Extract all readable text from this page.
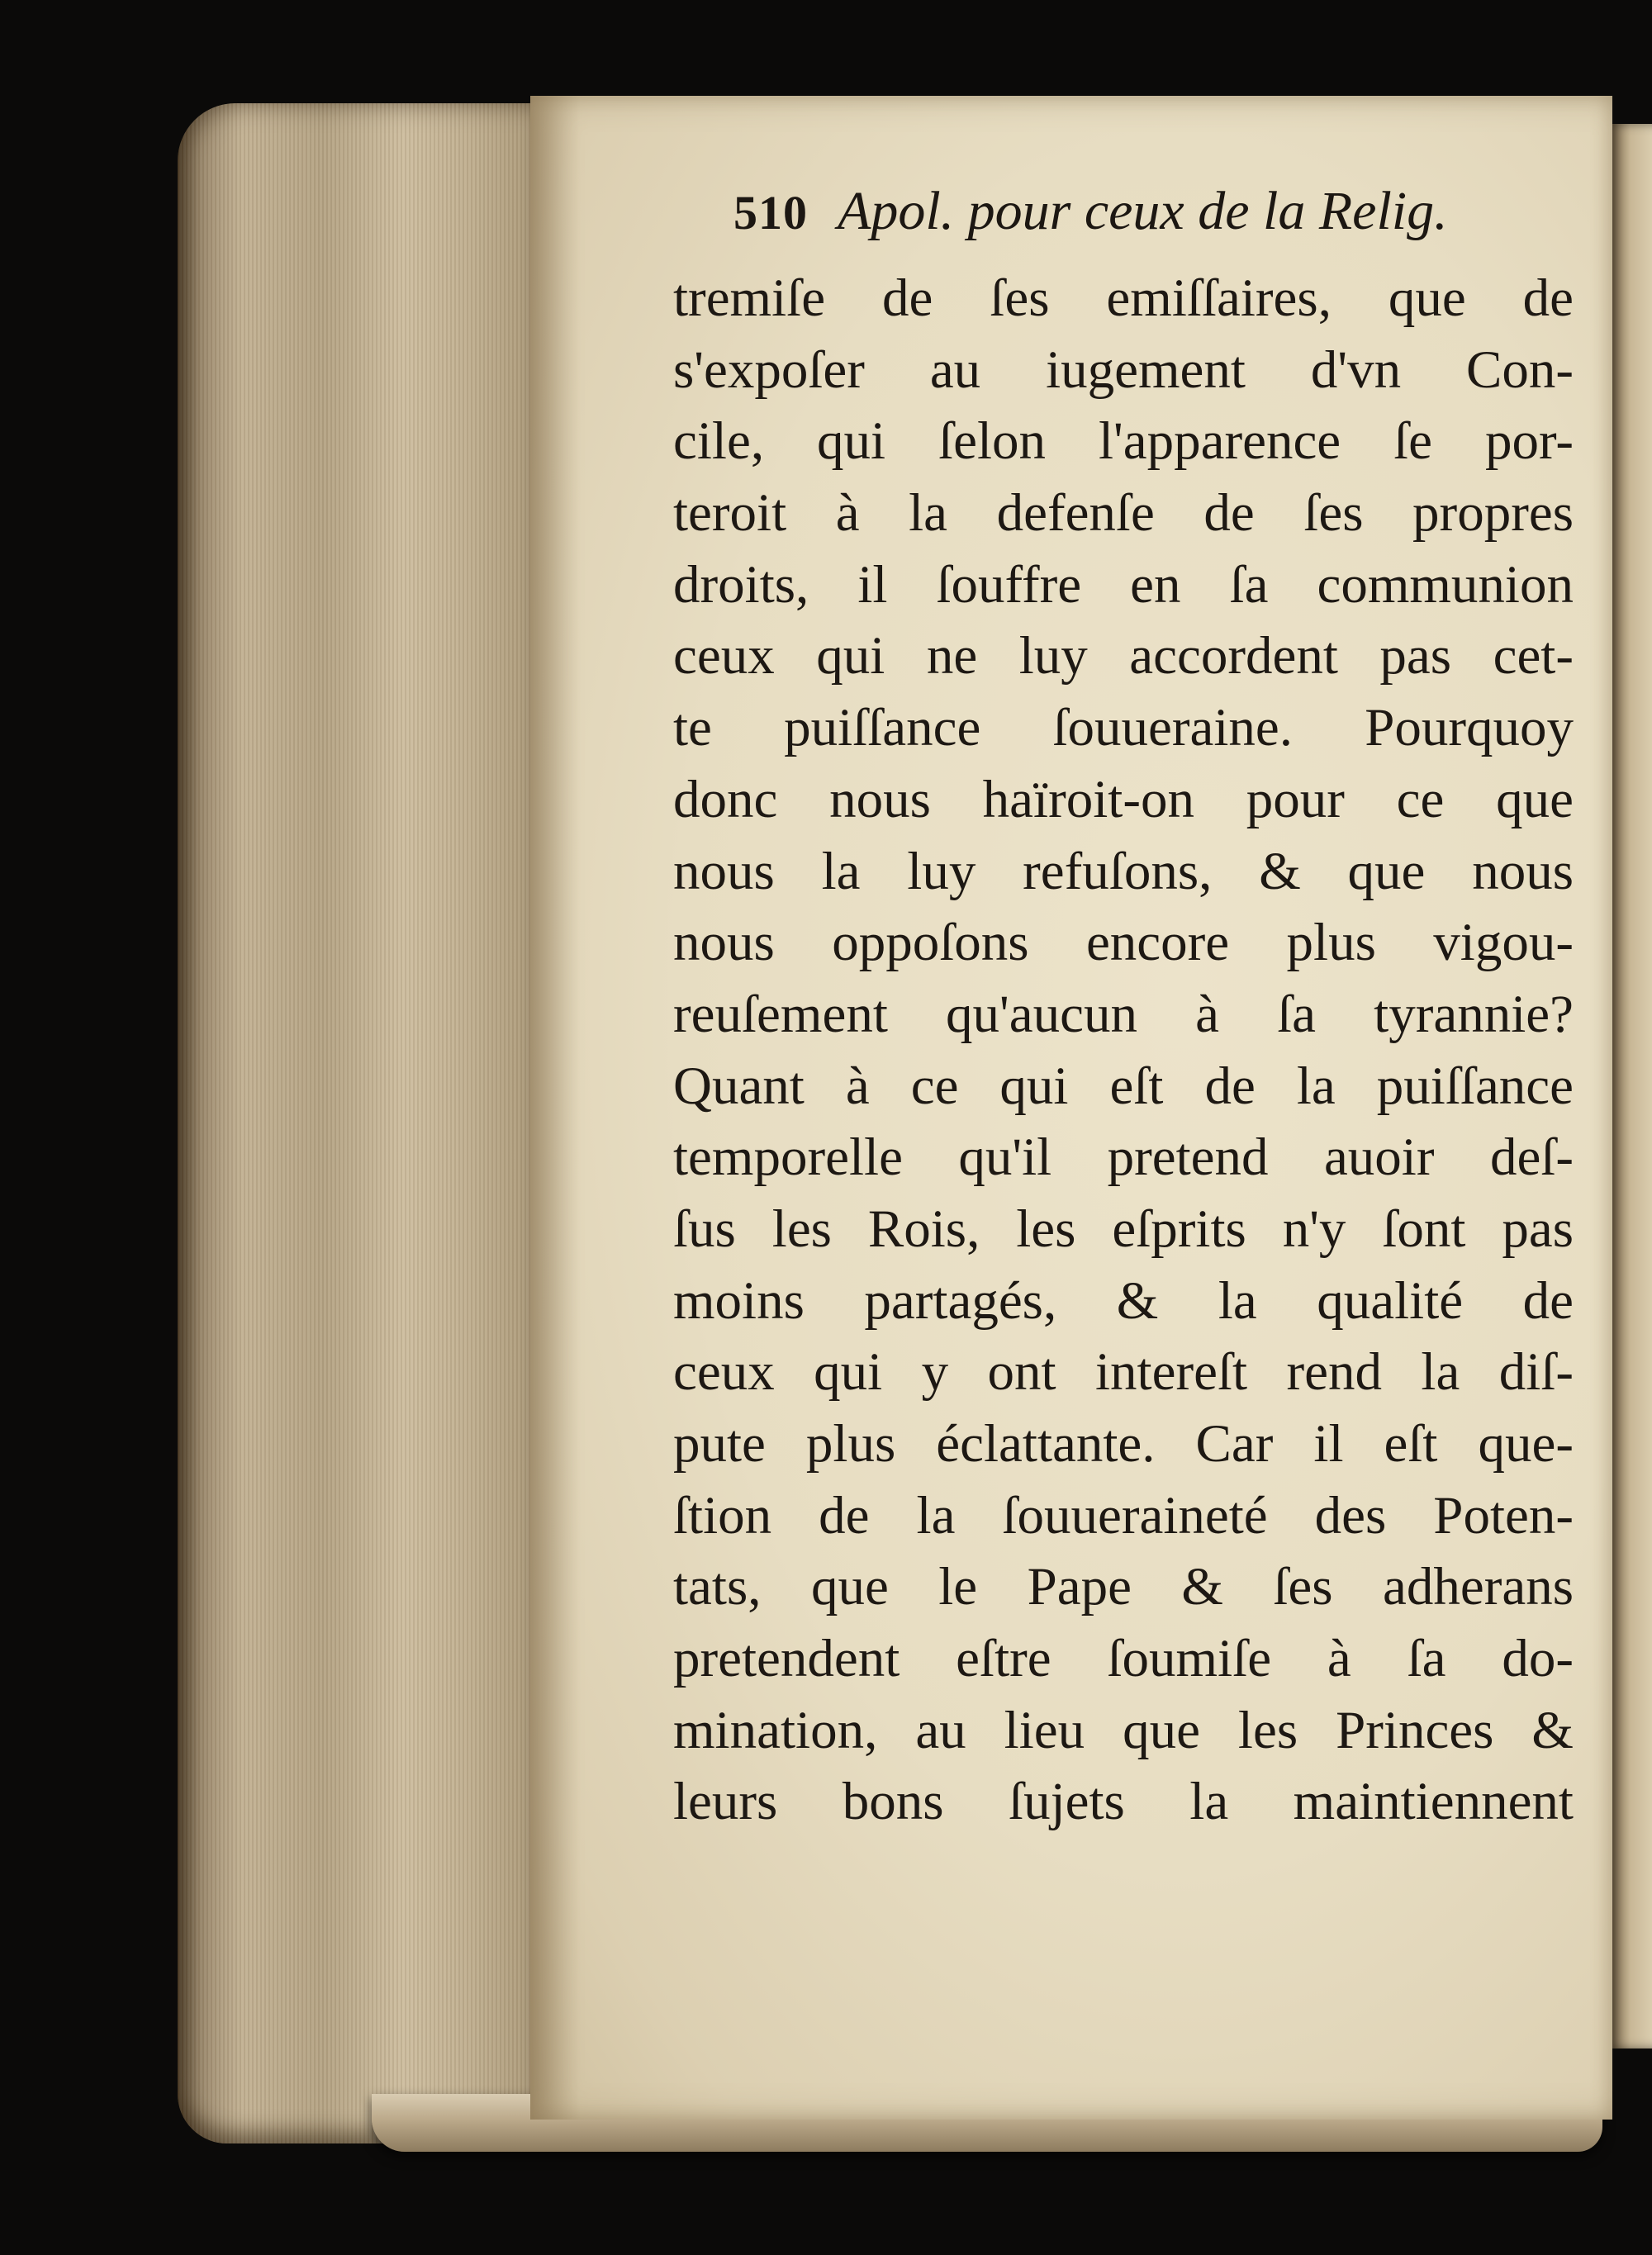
510 Apol. pour ceux de la Relig.
tremiſe de ſes emiſſaires, que de
s'expoſer au iugement d'vn Con-
cile, qui ſelon l'apparence ſe por-
teroit à la defenſe de ſes propres
droits, il ſouffre en ſa communion
ceux qui ne luy accordent pas cet-
te puiſſance ſouueraine. Pourquoy
donc nous haïroit-on pour ce que
nous la luy refuſons, & que nous
nous oppoſons encore plus vigou-
reuſement qu'aucun à ſa tyrannie?
Quant à ce qui eſt de la puiſſance
temporelle qu'il pretend auoir deſ-
ſus les Rois, les eſprits n'y ſont pas
moins partagés, & la qualité de
ceux qui y ont intereſt rend la diſ-
pute plus éclattante. Car il eſt que-
ſtion de la ſouueraineté des Poten-
tats, que le Pape & ſes adherans
pretendent eſtre ſoumiſe à ſa do-
mination, au lieu que les Princes &
leurs bons ſujets la maintiennent
